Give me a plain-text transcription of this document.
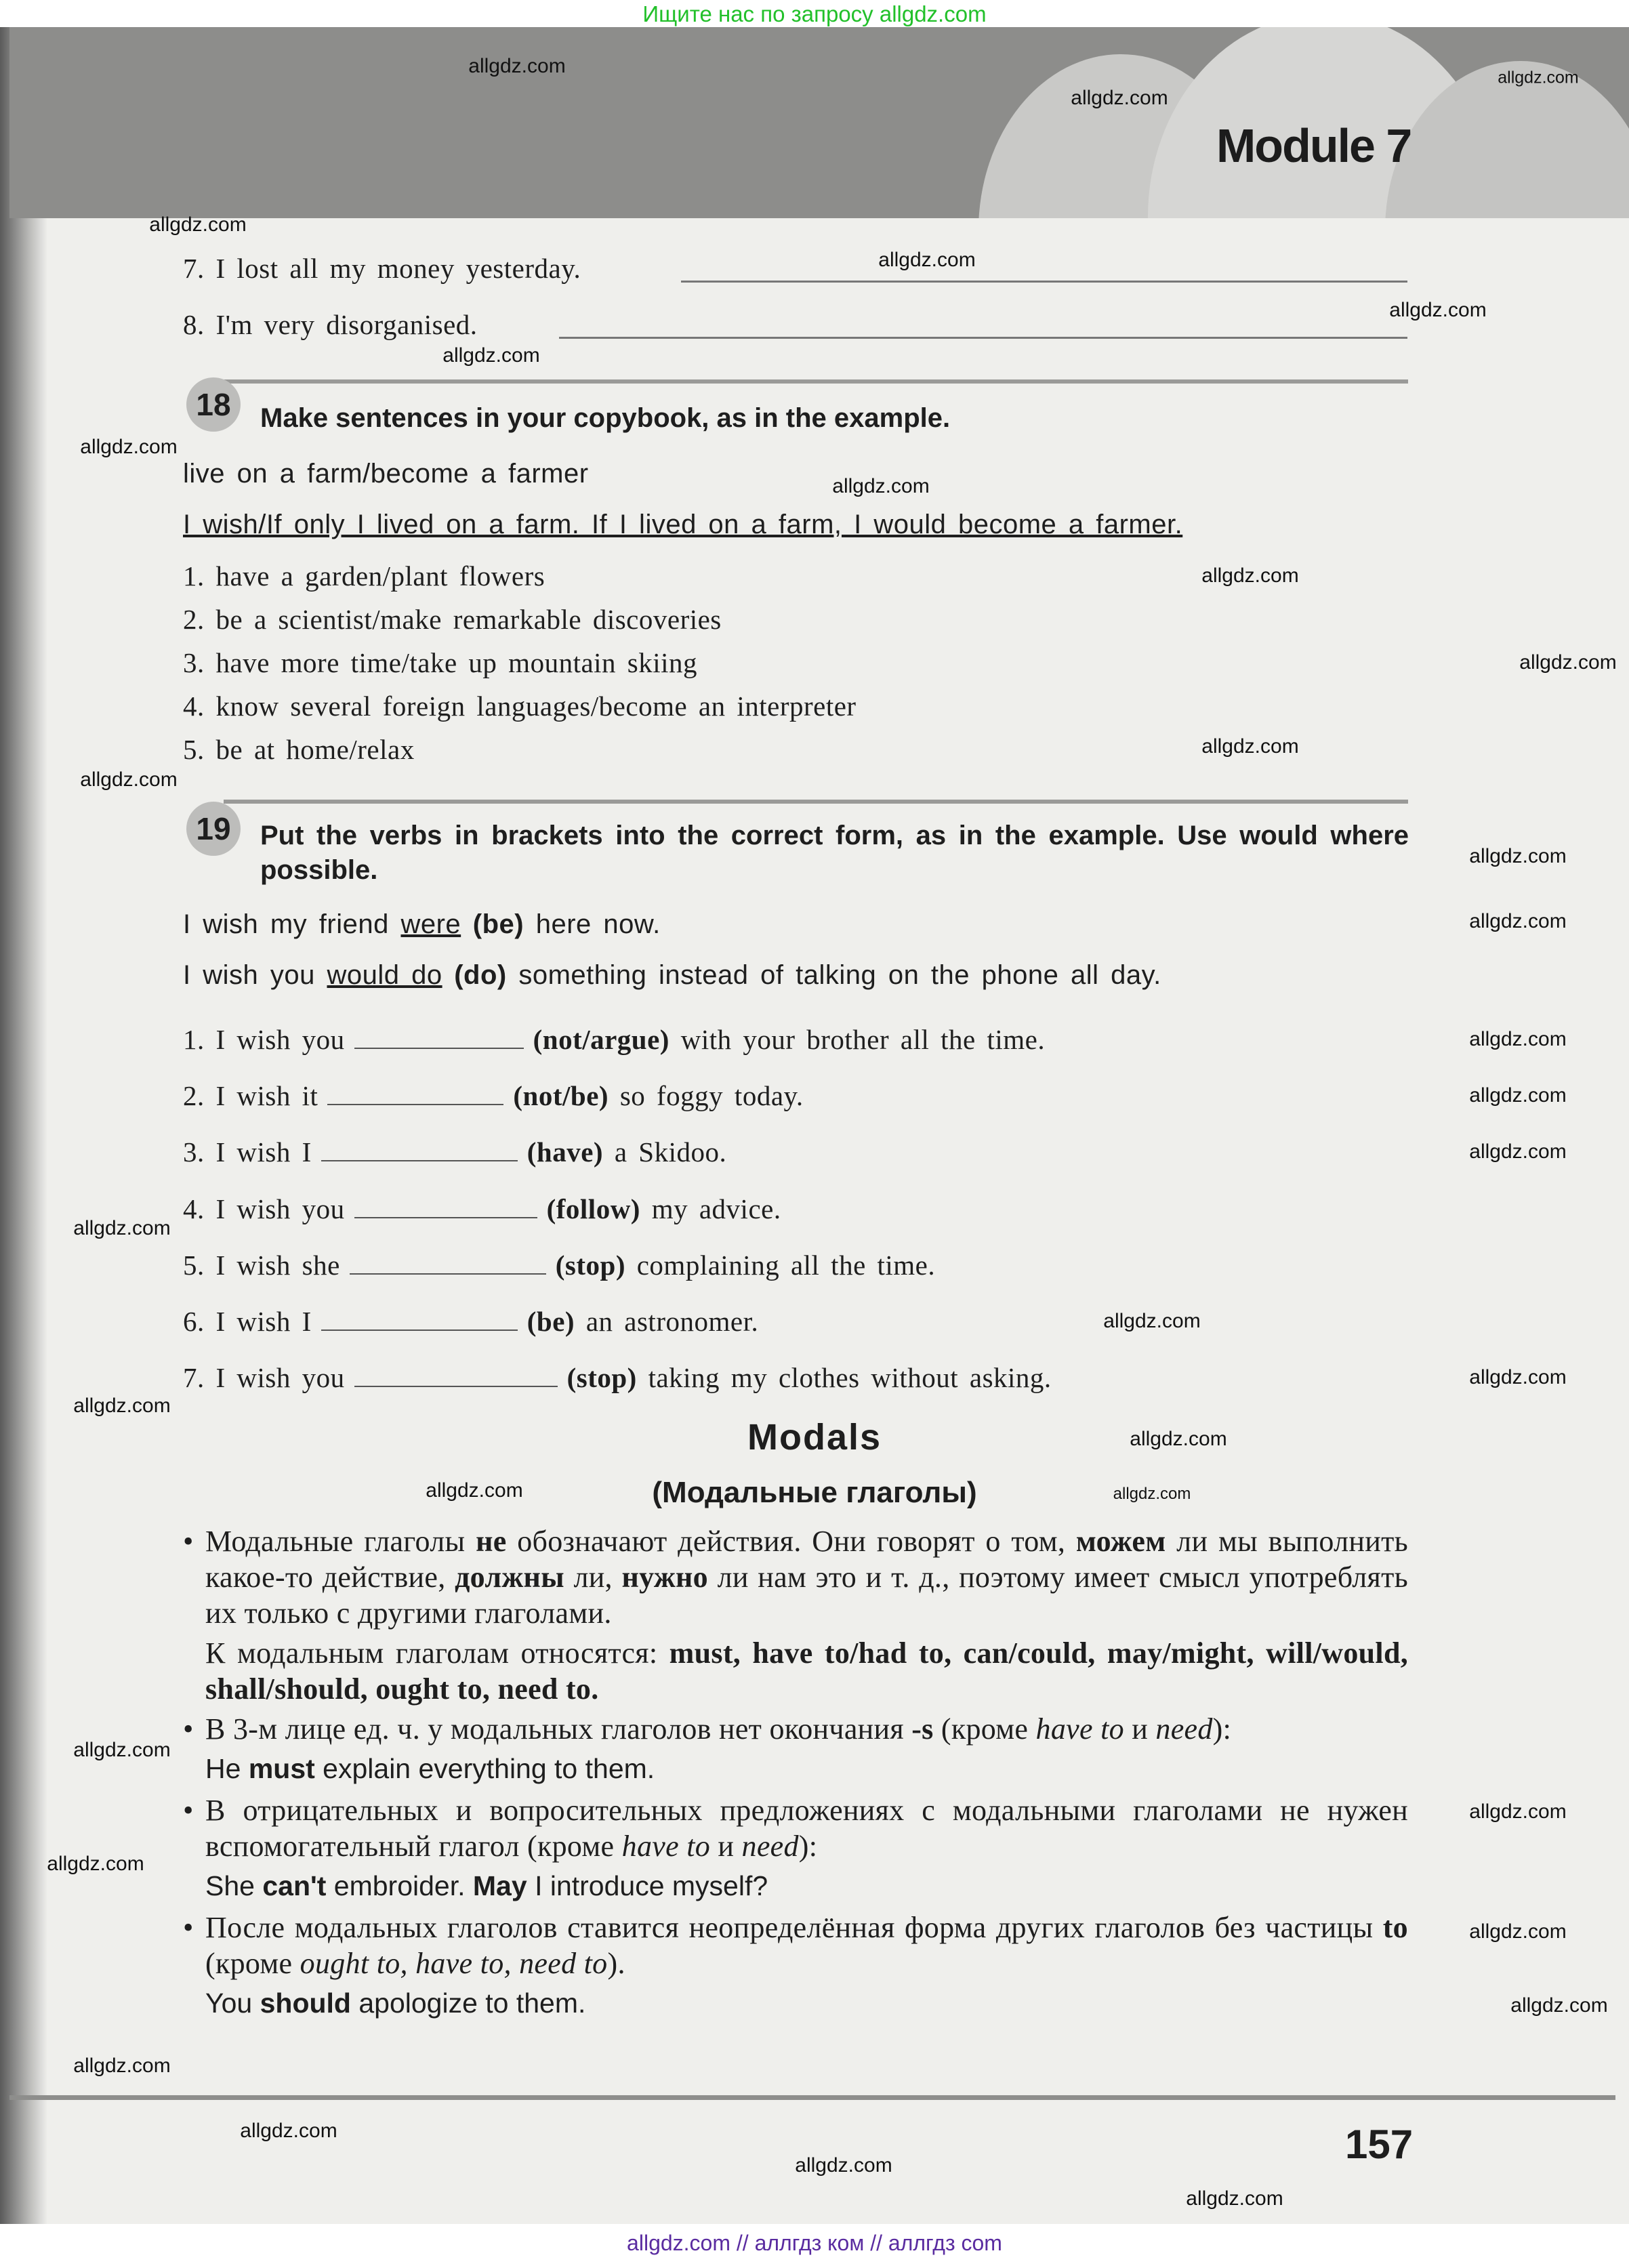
Ищите нас по запросу allgdz.com
Module 7
7. I lost all my money yesterday.
8. I'm very disorganised.
18	Make sentences in your copybook, as in the example.
live on a farm/become a farmer
I wish/If only I lived on a farm. If I lived on a farm, I would become a farmer.
1. have a garden/plant flowers
2. be a scientist/make remarkable discoveries
3. have more time/take up mountain skiing
4. know several foreign languages/become an interpreter
5. be at home/relax
19	Put the verbs in brackets into the correct form, as in the example. Use would where possible.
I wish my friend were (be) here now.
I wish you would do (do) something instead of talking on the phone all day.
1. I wish you	(not/argue) with your brother all the time.
2. I wish it	(not/be) so foggy today.
3. I wish I	(have) a Skidoo.
4. I wish you	(follow) my advice.
5. I wish she	(stop) complaining all the time.
6. I wish I	(be) an astronomer.
7. I wish you	(stop) taking my clothes without asking.
Modals
(Модальные глаголы)
• Модальные глаголы не обозначают действия. Они говорят о том, можем ли мы выполнить какое-то действие, должны ли, нужно ли нам это и т. д., поэтому имеет смысл употреблять их только с другими глаголами.
К модальным глаголам относятся: must, have to/had to, can/could, may/might, will/would, shall/should, ought to, need to.
• В 3-м лице ед. ч. у модальных глаголов нет окончания -s (кроме have to и need):
He must explain everything to them.
• В отрицательных и вопросительных предложениях с модальными глаголами не нужен вспомогательный глагол (кроме have to и need):
She can't embroider. May I introduce myself?
• После модальных глаголов ставится неопределённая форма других глаголов без частицы to (кроме ought to, have to, need to).
You should apologize to them.
157
allgdz.com // аллгдз ком // аллгдз com
allgdz.com
allgdz.com
allgdz.com
allgdz.com
allgdz.com
allgdz.com
allgdz.com
allgdz.com
allgdz.com
allgdz.com
allgdz.com
allgdz.com
allgdz.com
allgdz.com
allgdz.com
allgdz.com
allgdz.com
allgdz.com
allgdz.com
allgdz.com
allgdz.com
allgdz.com
allgdz.com
allgdz.com	allgdz.com
allgdz.com
allgdz.com
allgdz.com
allgdz.com
allgdz.com
allgdz.com
allgdz.com
allgdz.com
allgdz.com
